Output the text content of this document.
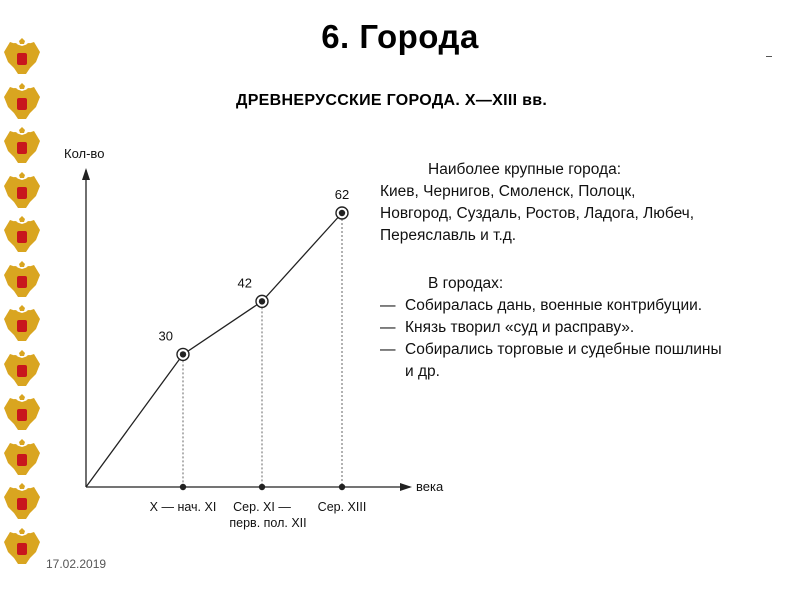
6. Города
ДРЕВНЕРУССКИЕ ГОРОДА. X—XIII вв.
Кол-во
века
30
X — нач. XI
42
Сер. XI —
перв. пол. XII
62
Сер. XIII
Наиболее крупные города:
Киев, Чернигов, Смоленск, Полоцк,
Новгород, Суздаль, Ростов, Ладога, Любеч,
Переяславль и т.д.
В городах:
— Собиралась дань, военные контрибуции.
— Князь творил «суд и расправу».
— Собирались торговые и судебные пошлины
и др.
17.02.2019
